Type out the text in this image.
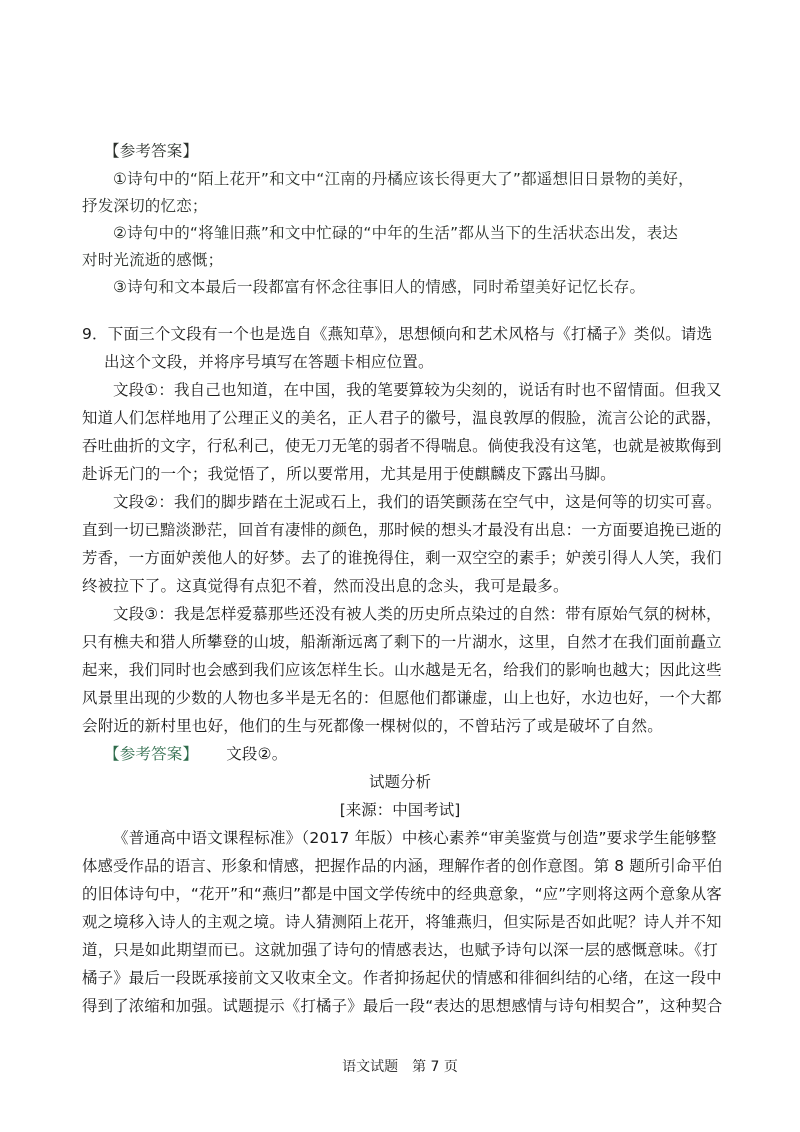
【参考答案】
①诗句中的“陌上花开”和文中“江南的丹橘应该长得更大了”都遥想旧日景物的美好，
抒发深切的忆恋；
②诗句中的“将雏旧燕”和文中忙碌的“中年的生活”都从当下的生活状态出发，表达
对时光流逝的感慨；
③诗句和文本最后一段都富有怀念往事旧人的情感，同时希望美好记忆长存。
9．下面三个文段有一个也是选自《燕知草》，思想倾向和艺术风格与《打橘子》类似。请选
出这个文段，并将序号填写在答题卡相应位置。
文段①：我自己也知道，在中国，我的笔要算较为尖刻的，说话有时也不留情面。但我又
知道人们怎样地用了公理正义的美名，正人君子的徽号，温良敦厚的假脸，流言公论的武器，
吞吐曲折的文字，行私利己，使无刀无笔的弱者不得喘息。倘使我没有这笔，也就是被欺侮到
赴诉无门的一个；我觉悟了，所以要常用，尤其是用于使麒麟皮下露出马脚。
文段②：我们的脚步踏在土泥或石上，我们的语笑颤荡在空气中，这是何等的切实可喜。
直到一切已黯淡渺茫，回首有凄悱的颜色，那时候的想头才最没有出息：一方面要追挽已逝的
芳香，一方面妒羡他人的好梦。去了的谁挽得住，剩一双空空的素手；妒羡引得人人笑，我们
终被拉下了。这真觉得有点犯不着，然而没出息的念头，我可是最多。
文段③：我是怎样爱慕那些还没有被人类的历史所点染过的自然：带有原始气氛的树林，
只有樵夫和猎人所攀登的山坡，船渐渐远离了剩下的一片湖水，这里，自然才在我们面前矗立
起来，我们同时也会感到我们应该怎样生长。山水越是无名，给我们的影响也越大；因此这些
风景里出现的少数的人物也多半是无名的：但愿他们都谦虚，山上也好，水边也好，一个大都
会附近的新村里也好，他们的生与死都像一棵树似的，不曾玷污了或是破坏了自然。
【参考答案】 文段②。
试题分析
[来源：中国考试]
《普通高中语文课程标准》（2017 年版）中核心素养“审美鉴赏与创造”要求学生能够整
体感受作品的语言、形象和情感，把握作品的内涵，理解作者的创作意图。第 8 题所引命平伯
的旧体诗句中，“花开”和“燕归”都是中国文学传统中的经典意象，“应”字则将这两个意象从客
观之境移入诗人的主观之境。诗人猜测陌上花开，将雏燕归，但实际是否如此呢？诗人并不知
道，只是如此期望而已。这就加强了诗句的情感表达，也赋予诗句以深一层的感慨意味。《打
橘子》最后一段既承接前文又收束全文。作者抑扬起伏的情感和徘徊纠结的心绪，在这一段中
得到了浓缩和加强。试题提示《打橘子》最后一段“表达的思想感情与诗句相契合”，这种契合
语文试题　第 7 页
